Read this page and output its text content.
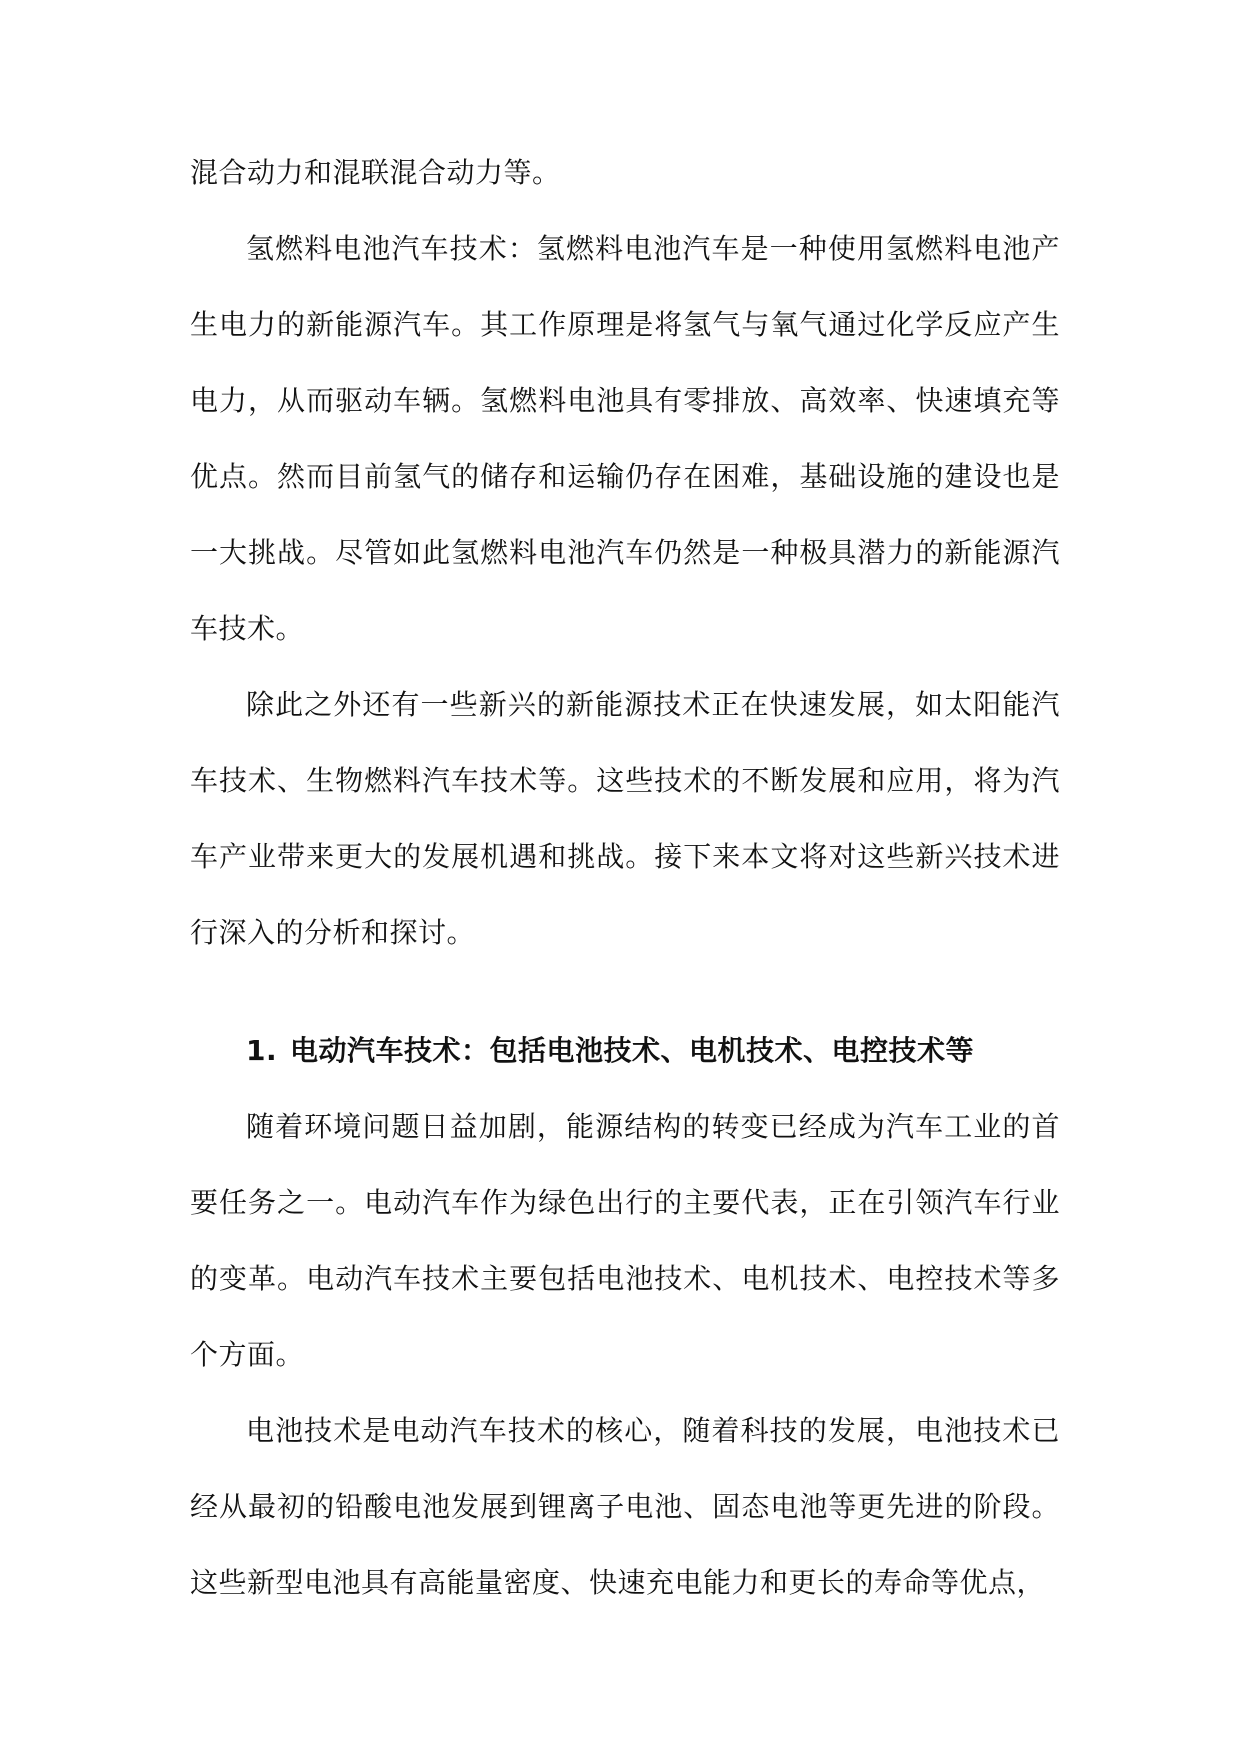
混合动力和混联混合动力等。

氢燃料电池汽车技术：氢燃料电池汽车是一种使用氢燃料电池产生电力的新能源汽车。其工作原理是将氢气与氧气通过化学反应产生电力，从而驱动车辆。氢燃料电池具有零排放、高效率、快速填充等优点。然而目前氢气的储存和运输仍存在困难，基础设施的建设也是一大挑战。尽管如此氢燃料电池汽车仍然是一种极具潜力的新能源汽车技术。

除此之外还有一些新兴的新能源技术正在快速发展，如太阳能汽车技术、生物燃料汽车技术等。这些技术的不断发展和应用，将为汽车产业带来更大的发展机遇和挑战。接下来本文将对这些新兴技术进行深入的分析和探讨。

1. 电动汽车技术：包括电池技术、电机技术、电控技术等

随着环境问题日益加剧，能源结构的转变已经成为汽车工业的首要任务之一。电动汽车作为绿色出行的主要代表，正在引领汽车行业的变革。电动汽车技术主要包括电池技术、电机技术、电控技术等多个方面。

电池技术是电动汽车技术的核心，随着科技的发展，电池技术已经从最初的铅酸电池发展到锂离子电池、固态电池等更先进的阶段。这些新型电池具有高能量密度、快速充电能力和更长的寿命等优点，
